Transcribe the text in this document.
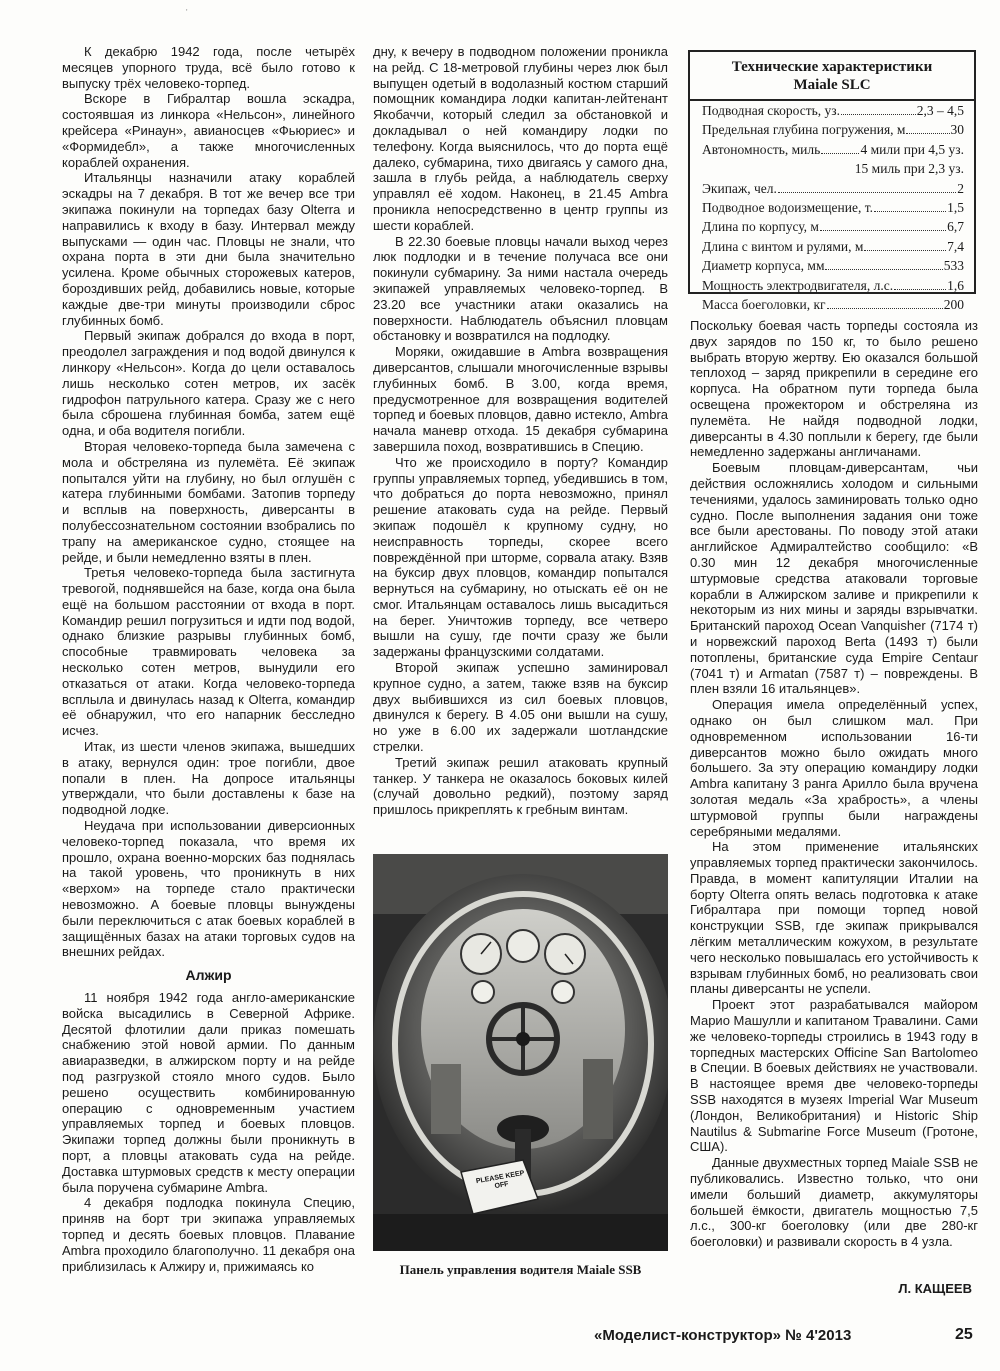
'

К декабрю 1942 года, после четырёх месяцев упорного труда, всё было готово к выпуску трёх человеко-торпед.

Вскоре в Гибралтар вошла эскадра, состоявшая из линкора «Нельсон», линейного крейсера «Ринаун», авианосцев «Фьюриес» и «Формидебл», а также многочисленных кораблей охранения.

Итальянцы назначили атаку кораблей эскадры на 7 декабря. В тот же вечер все три экипажа покинули на торпедах базу Olterra и направились к входу в базу. Интервал между выпусками — один час. Пловцы не знали, что охрана порта в эти дни была значительно усилена. Кроме обычных сторожевых катеров, бороздивших рейд, добавились новые, которые каждые две-три минуты производили сброс глубинных бомб.

Первый экипаж добрался до входа в порт, преодолел заграждения и под водой двинулся к линкору «Нельсон». Когда до цели оставалось лишь несколько сотен метров, их засёк гидрофон патрульного катера. Сразу же с него была сброшена глубинная бомба, затем ещё одна, и оба водителя погибли.

Вторая человеко-торпеда была замечена с мола и обстреляна из пулемёта. Её экипаж попытался уйти на глубину, но был оглушён с катера глубинными бомбами. Затопив торпеду и всплыв на поверхность, диверсанты в полубессознательном состоянии взобрались по трапу на американское судно, стоящее на рейде, и были немедленно взяты в плен.

Третья человеко-торпеда была застигнута тревогой, поднявшейся на базе, когда она была ещё на большом расстоянии от входа в порт. Командир решил погрузиться и идти под водой, однако близкие разрывы глубинных бомб, способные травмировать человека за несколько сотен метров, вынудили его отказаться от атаки. Когда человеко-торпеда всплыла и двинулась назад к Olterra, командир её обнаружил, что его напарник бесследно исчез.

Итак, из шести членов экипажа, вышедших в атаку, вернулся один: трое погибли, двое попали в плен. На допросе итальянцы утверждали, что были доставлены к базе на подводной лодке.

Неудача при использовании диверсионных человеко-торпед показала, что время их прошло, охрана военно-морских баз поднялась на такой уровень, что проникнуть в них «верхом» на торпеде стало практически невозможно. А боевые пловцы вынуждены были переключиться с атак боевых кораблей в защищённых базах на атаки торговых судов на внешних рейдах.

Алжир

11 ноября 1942 года англо-американские войска высадились в Северной Африке. Десятой флотилии дали приказ помешать снабжению этой новой армии. По данным авиаразведки, в алжирском порту и на рейде под разгрузкой стояло много судов. Было решено осуществить комбинированную операцию с одновременным участием управляемых торпед и боевых пловцов. Экипажи торпед должны были проникнуть в порт, а пловцы атаковать суда на рейде. Доставка штурмовых средств к месту операции была поручена субмарине Ambra.

4 декабря подлодка покинула Специю, приняв на борт три экипажа управляемых торпед и десять боевых пловцов. Плавание Ambra проходило благополучно. 11 декабря она приблизилась к Алжиру и, прижимаясь ко

дну, к вечеру в подводном положении проникла на рейд. С 18-метровой глубины через люк был выпущен одетый в водолазный костюм старший помощник командира лодки капитан-лейтенант Якобаччи, который следил за обстановкой и докладывал о ней командиру лодки по телефону. Когда выяснилось, что до порта ещё далеко, субмарина, тихо двигаясь у самого дна, зашла в глубь рейда, а наблюдатель сверху управлял её ходом. Наконец, в 21.45 Ambra проникла непосредственно в центр группы из шести кораблей.

В 22.30 боевые пловцы начали выход через люк подлодки и в течение получаса все они покинули субмарину. За ними настала очередь экипажей управляемых человеко-торпед. В 23.20 все участники атаки оказались на поверхности. Наблюдатель объяснил пловцам обстановку и возвратился на подлодку.

Моряки, ожидавшие в Ambra возвращения диверсантов, слышали многочисленные взрывы глубинных бомб. В 3.00, когда время, предусмотренное для возвращения водителей торпед и боевых пловцов, давно истекло, Ambra начала маневр отхода. 15 декабря субмарина завершила поход, возвратившись в Специю.

Что же происходило в порту? Командир группы управляемых торпед, убедившись в том, что добраться до порта невозможно, принял решение атаковать суда на рейде. Первый экипаж подошёл к крупному судну, но неисправность торпеды, скорее всего повреждённой при шторме, сорвала атаку. Взяв на буксир двух пловцов, командир попытался вернуться на субмарину, но отыскать её он не смог. Итальянцам оставалось лишь высадиться на берег. Уничтожив торпеду, все четверо вышли на сушу, где почти сразу же были задержаны французскими солдатами.

Второй экипаж успешно заминировал крупное судно, а затем, также взяв на буксир двух выбившихся из сил боевых пловцов, двинулся к берегу. В 4.05 они вышли на сушу, но уже в 6.00 их задержали шотландские стрелки.

Третий экипаж решил атаковать крупный танкер. У танкера не оказалось боковых килей (случай довольно редкий), поэтому заряд пришлось прикреплять к гребным винтам.

Технические характеристики
Maiale SLC
Подводная скорость, уз.	2,3 – 4,5
Предельная глубина погружения, м	30
Автономность, миль	4 мили при 4,5 уз.
15 миль при 2,3 уз.
Экипаж, чел.	2
Подводное водоизмещение, т.	1,5
Длина по корпусу, м	6,7
Длина с винтом и рулями, м	7,4
Диаметр корпуса, мм	533
Мощность электродвигателя, л.с.	1,6
Масса боеголовки, кг	200
PLEASE KEEP OFF
Панель управления водителя Maiale SSB

Поскольку боевая часть торпеды состояла из двух зарядов по 150 кг, то было решено выбрать вторую жертву. Ею оказался большой теплоход – заряд прикрепили в середине его корпуса. На обратном пути торпеда была освещена прожектором и обстреляна из пулемёта. Не найдя подводной лодки, диверсанты в 4.30 поплыли к берегу, где были немедленно задержаны англичанами.

Боевым пловцам-диверсантам, чьи действия осложнялись холодом и сильными течениями, удалось заминировать только одно судно. После выполнения задания они тоже все были арестованы. По поводу этой атаки английское Адмиралтейство сообщило: «В 0.30 мин 12 декабря многочисленные штурмовые средства атаковали торговые корабли в Алжирском заливе и прикрепили к некоторым из них мины и заряды взрывчатки. Британский пароход Ocean Vanquisher (7174 т) и норвежский пароход Berta (1493 т) были потоплены, британские суда Empire Centaur (7041 т) и Armatan (7587 т) – повреждены. В плен взяли 16 итальянцев».

Операция имела определённый успех, однако он был слишком мал. При одновременном использовании 16-ти диверсантов можно было ожидать много большего. За эту операцию командиру лодки Ambra капитану 3 ранга Арилло была вручена золотая медаль «За храбрость», а члены штурмовой группы были награждены серебряными медалями.

На этом применение итальянских управляемых торпед практически закончилось. Правда, в момент капитуляции Италии на борту Olterra опять велась подготовка к атаке Гибралтара при помощи торпед новой конструкции SSB, где экипаж прикрывался лёгким металлическим кожухом, в результате чего несколько повышалась его устойчивость к взрывам глубинных бомб, но реализовать свои планы диверсанты не успели.

Проект этот разрабатывался майором Марио Машулли и капитаном Травалини. Сами же человеко-торпеды строились в 1943 году в торпедных мастерских Officine San Bartolomeo в Специи. В боевых действиях не участвовали. В настоящее время две человеко-торпеды SSB находятся в музеях Imperial War Museum (Лондон, Великобритания) и Historic Ship Nautilus & Submarine Force Museum (Гротоне, США).

Данные двухместных торпед Maiale SSB не публиковались. Известно только, что они имели больший диаметр, аккумуляторы большей ёмкости, двигатель мощностью 7,5 л.с., 300-кг боеголовку (или две 280-кг боеголовки) и развивали скорость в 4 узла.

Л. КАЩЕЕВ
«Моделист-конструктор» № 4'2013	25
